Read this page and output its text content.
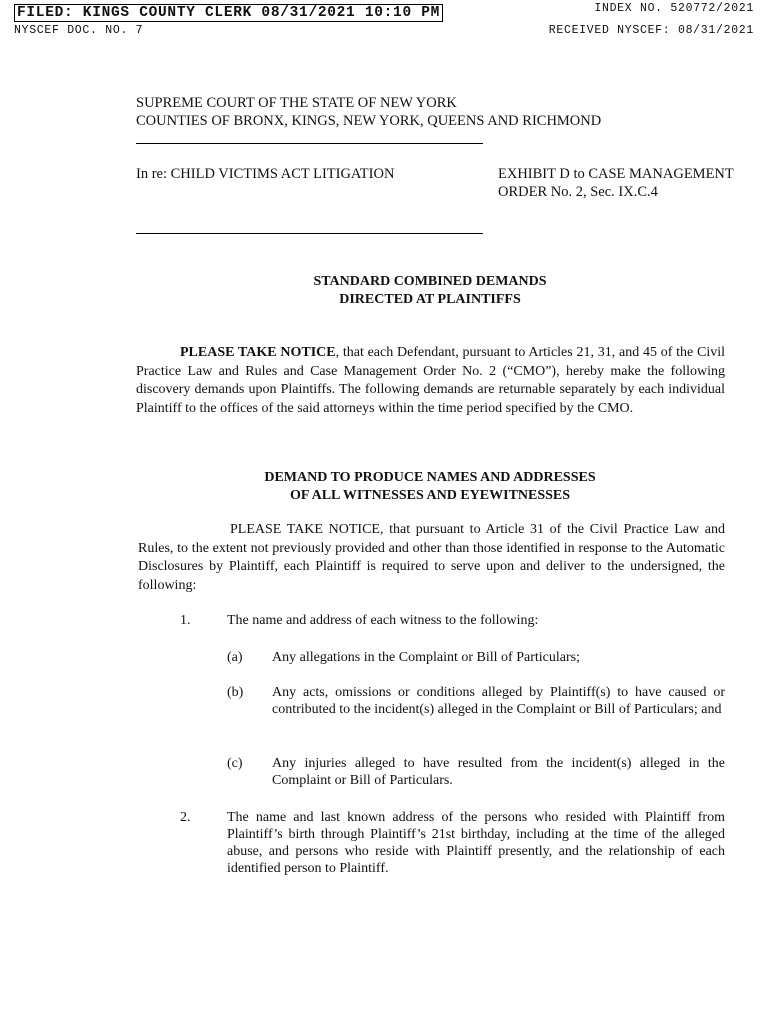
FILED: KINGS COUNTY CLERK 08/31/2021 10:10 PM
NYSCEF DOC. NO. 7
INDEX NO. 520772/2021
RECEIVED NYSCEF: 08/31/2021
SUPREME COURT OF THE STATE OF NEW YORK
COUNTIES OF BRONX, KINGS, NEW YORK, QUEENS AND RICHMOND
In re: CHILD VICTIMS ACT LITIGATION	EXHIBIT D to CASE MANAGEMENT
ORDER No. 2, Sec. IX.C.4
STANDARD COMBINED DEMANDS
DIRECTED AT PLAINTIFFS
PLEASE TAKE NOTICE, that each Defendant, pursuant to Articles 21, 31, and 45 of the Civil Practice Law and Rules and Case Management Order No. 2 (“CMO”), hereby make the following discovery demands upon Plaintiffs. The following demands are returnable separately by each individual Plaintiff to the offices of the said attorneys within the time period specified by the CMO.
DEMAND TO PRODUCE NAMES AND ADDRESSES
OF ALL WITNESSES AND EYEWITNESSES
PLEASE TAKE NOTICE, that pursuant to Article 31 of the Civil Practice Law and Rules, to the extent not previously provided and other than those identified in response to the Automatic Disclosures by Plaintiff, each Plaintiff is required to serve upon and deliver to the undersigned, the following:
1.	The name and address of each witness to the following:
(a) Any allegations in the Complaint or Bill of Particulars;
(b) Any acts, omissions or conditions alleged by Plaintiff(s) to have caused or contributed to the incident(s) alleged in the Complaint or Bill of Particulars; and
(c) Any injuries alleged to have resulted from the incident(s) alleged in the Complaint or Bill of Particulars.
2.	The name and last known address of the persons who resided with Plaintiff from Plaintiff’s birth through Plaintiff’s 21st birthday, including at the time of the alleged abuse, and persons who reside with Plaintiff presently, and the relationship of each identified person to Plaintiff.
